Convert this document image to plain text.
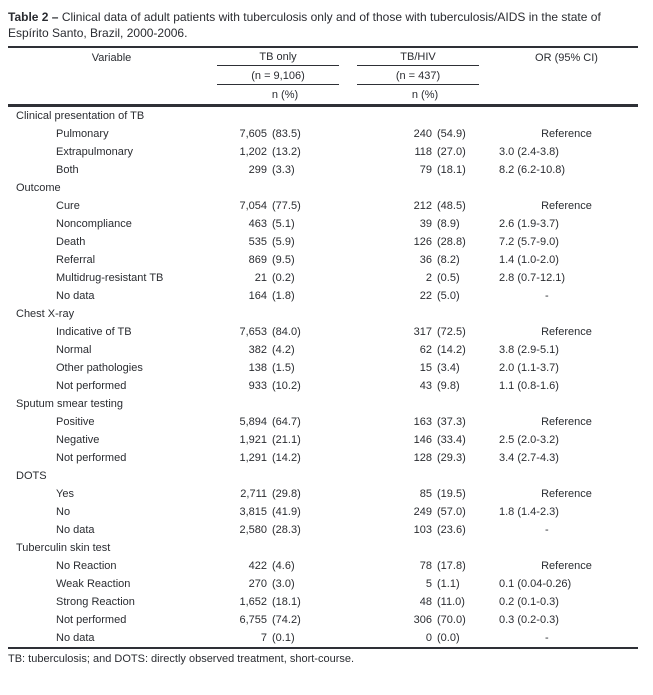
Table 2 – Clinical data of adult patients with tuberculosis only and of those with tuberculosis/AIDS in the state of Espírito Santo, Brazil, 2000-2006.
Variable	TB only	TB/HIV	OR (95% CI)

	(n = 9,106)	(n = 437)	

	n (%)	n (%)	
Clinical presentation of TB			
Pulmonary	7,605 (83.5)	240 (54.9)	Reference
Extrapulmonary	1,202 (13.2)	118 (27.0)	3.0 (2.4-3.8)
Both	299 (3.3)	79 (18.1)	8.2 (6.2-10.8)
Outcome			
Cure	7,054 (77.5)	212 (48.5)	Reference
Noncompliance	463 (5.1)	39 (8.9)	2.6 (1.9-3.7)
Death	535 (5.9)	126 (28.8)	7.2 (5.7-9.0)
Referral	869 (9.5)	36 (8.2)	1.4 (1.0-2.0)
Multidrug-resistant TB	21 (0.2)	2 (0.5)	2.8 (0.7-12.1)
No data	164 (1.8)	22 (5.0)	-
Chest X-ray			
Indicative of TB	7,653 (84.0)	317 (72.5)	Reference
Normal	382 (4.2)	62 (14.2)	3.8 (2.9-5.1)
Other pathologies	138 (1.5)	15 (3.4)	2.0 (1.1-3.7)
Not performed	933 (10.2)	43 (9.8)	1.1 (0.8-1.6)
Sputum smear testing			
Positive	5,894 (64.7)	163 (37.3)	Reference
Negative	1,921 (21.1)	146 (33.4)	2.5 (2.0-3.2)
Not performed	1,291 (14.2)	128 (29.3)	3.4 (2.7-4.3)
DOTS			
Yes	2,711 (29.8)	85 (19.5)	Reference
No	3,815 (41.9)	249 (57.0)	1.8 (1.4-2.3)
No data	2,580 (28.3)	103 (23.6)	-
Tuberculin skin test			
No Reaction	422 (4.6)	78 (17.8)	Reference
Weak Reaction	270 (3.0)	5 (1.1)	0.1 (0.04-0.26)
Strong Reaction	1,652 (18.1)	48 (11.0)	0.2 (0.1-0.3)
Not performed	6,755 (74.2)	306 (70.0)	0.3 (0.2-0.3)
No data	7 (0.1)	0 (0.0)	-
TB: tuberculosis; and DOTS: directly observed treatment, short-course.
